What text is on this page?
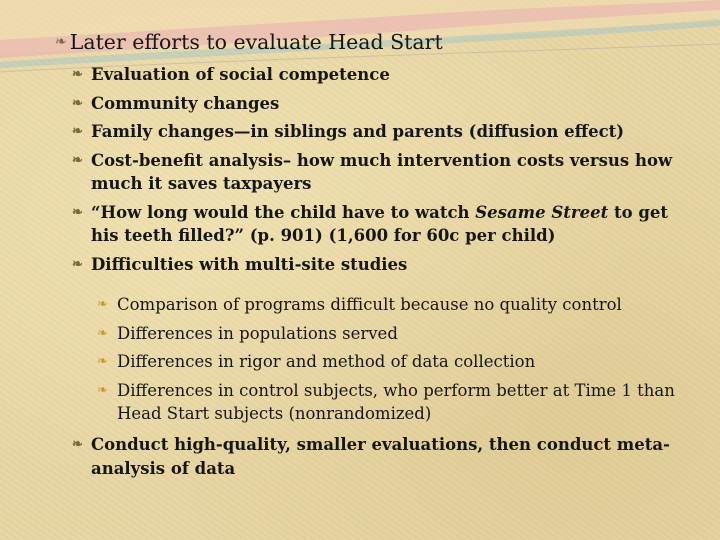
❧ Later efforts to evaluate Head Start
❧ Evaluation of social competence
❧ Community changes
❧ Family changes—in siblings and parents (diffusion effect)
❧ Cost-benefit analysis– how much intervention costs versus how much it saves taxpayers
❧ “How long would the child have to watch Sesame Street to get his teeth filled?” (p. 901) (1,600 for 60c per child)
❧ Difficulties with multi-site studies
❧ Comparison of programs difficult because no quality control
❧ Differences in populations served
❧ Differences in rigor and method of data collection
❧ Differences in control subjects, who perform better at Time 1 than Head Start subjects (nonrandomized)
❧ Conduct high-quality, smaller evaluations, then conduct meta-analysis of data
